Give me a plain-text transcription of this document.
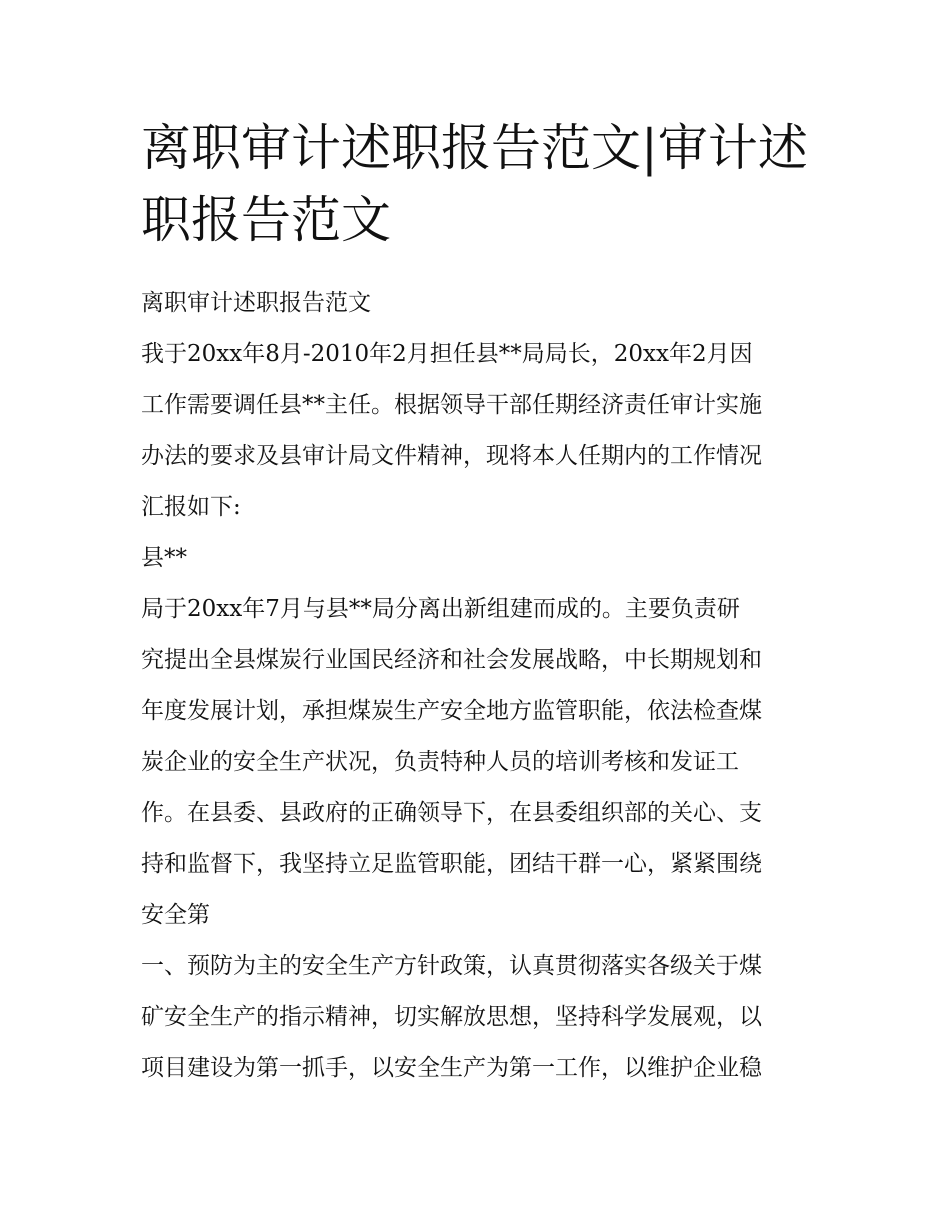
离职审计述职报告范文|审计述
职报告范文

离职审计述职报告范文

我于20xx年8月-2010年2月担任县**局局长，20xx年2月因
工作需要调任县**主任。根据领导干部任期经济责任审计实施
办法的要求及县审计局文件精神，现将本人任期内的工作情况
汇报如下:

县**

局于20xx年7月与县**局分离出新组建而成的。主要负责研
究提出全县煤炭行业国民经济和社会发展战略，中长期规划和
年度发展计划，承担煤炭生产安全地方监管职能，依法检查煤
炭企业的安全生产状况，负责特种人员的培训考核和发证工
作。在县委、县政府的正确领导下，在县委组织部的关心、支
持和监督下，我坚持立足监管职能，团结干群一心，紧紧围绕
安全第

一、预防为主的安全生产方针政策，认真贯彻落实各级关于煤
矿安全生产的指示精神，切实解放思想，坚持科学发展观，以
项目建设为第一抓手，以安全生产为第一工作，以维护企业稳
